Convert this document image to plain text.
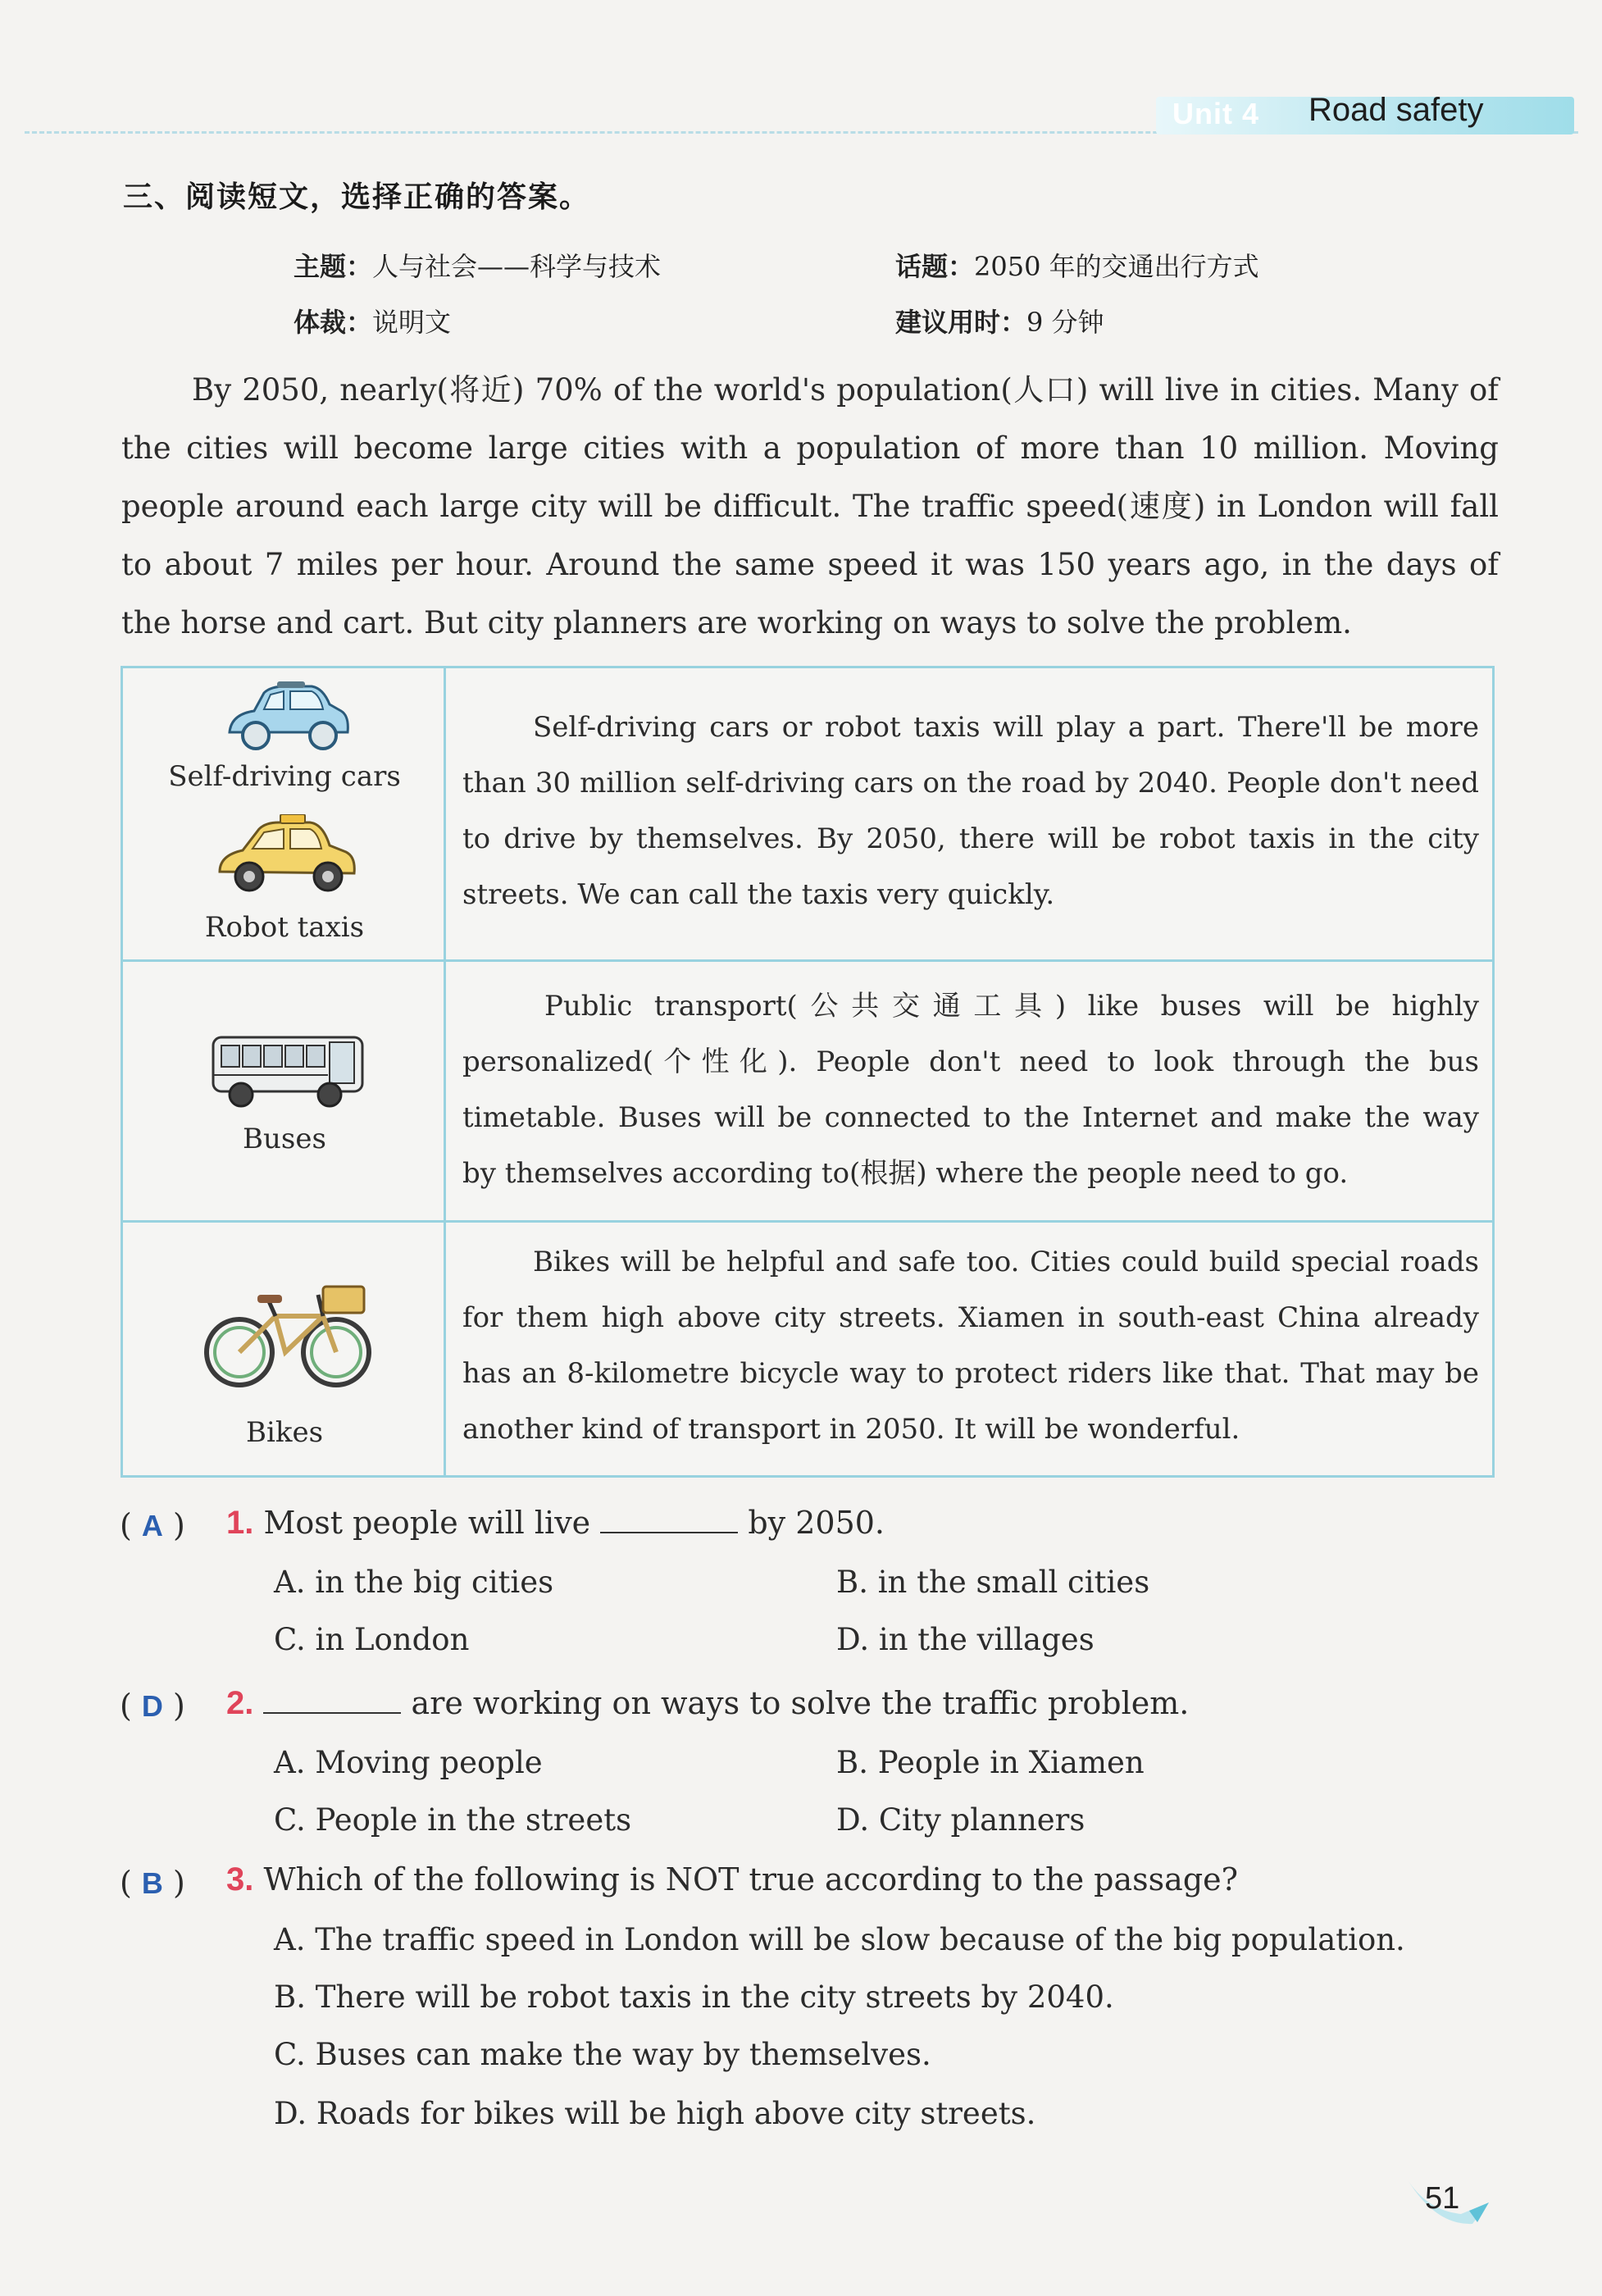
Unit 4 Road safety
三、阅读短文，选择正确的答案。
主题：人与社会——科学与技术	话题：2050 年的交通出行方式
体裁：说明文	建议用时：9 分钟
By 2050, nearly(将近) 70% of the world's population(人口) will live in cities. Many of the cities will become large cities with a population of more than 10 million. Moving people around each large city will be difficult. The traffic speed(速度) in London will fall to about 7 miles per hour. Around the same speed it was 150 years ago, in the days of the horse and cart. But city planners are working on ways to solve the problem.
Self-driving cars
Robot taxis
Self-driving cars or robot taxis will play a part. There'll be more than 30 million self-driving cars on the road by 2040. People don't need to drive by themselves. By 2050, there will be robot taxis in the city streets. We can call the taxis very quickly.
Buses
Public transport(公共交通工具) like buses will be highly personalized(个性化). People don't need to look through the bus timetable. Buses will be connected to the Internet and make the way by themselves according to(根据) where the people need to go.
Bikes
Bikes will be helpful and safe too. Cities could build special roads for them high above city streets. Xiamen in south-east China already has an 8-kilometre bicycle way to protect riders like that. That may be another kind of transport in 2050. It will be wonderful.
( A ) 1. Most people will live	by 2050.
A. in the big cities	B. in the small cities
C. in London	D. in the villages
( D ) 2.	are working on ways to solve the traffic problem.
A. Moving people	B. People in Xiamen
C. People in the streets	D. City planners
( B ) 3. Which of the following is NOT true according to the passage?
A. The traffic speed in London will be slow because of the big population.
B. There will be robot taxis in the city streets by 2040.
C. Buses can make the way by themselves.
D. Roads for bikes will be high above city streets.
51
